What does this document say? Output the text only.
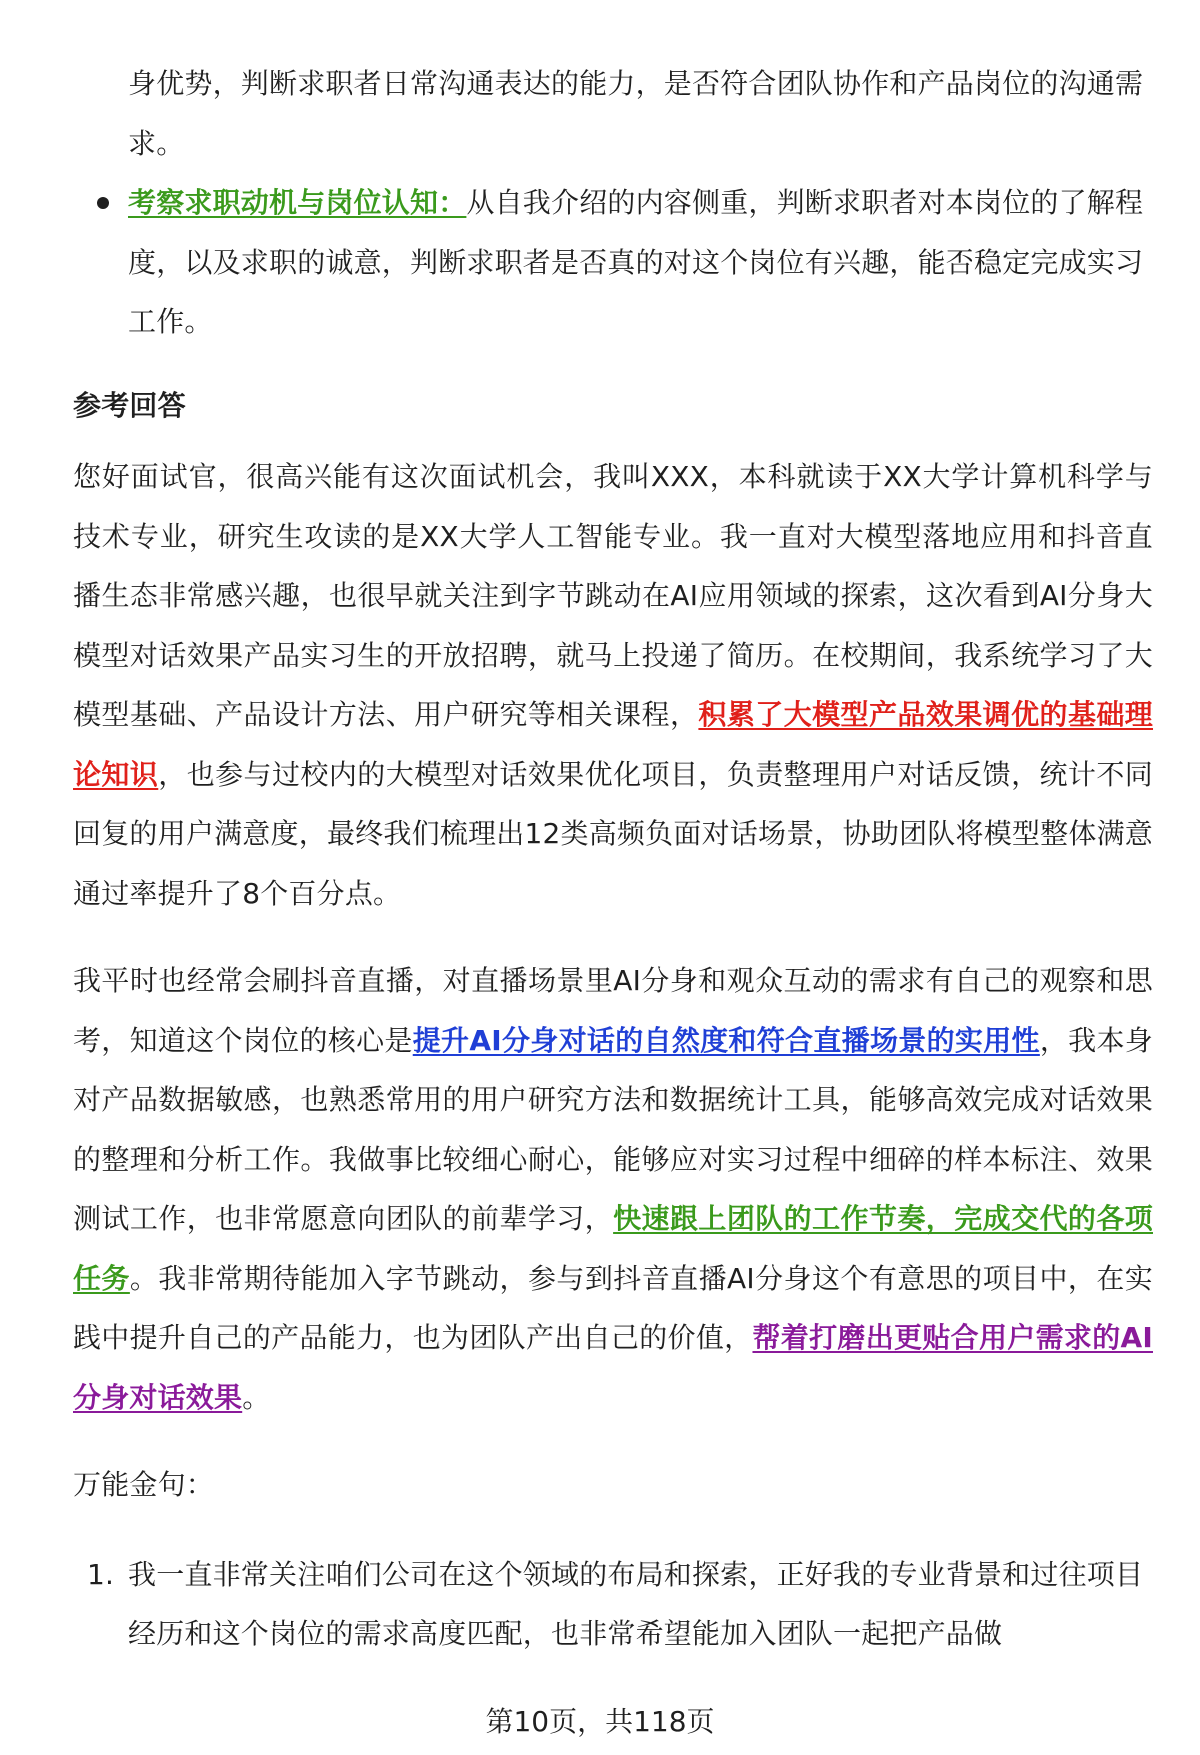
身优势，判断求职者日常沟通表达的能力，是否符合团队协作和产品岗位的沟通需求。
考察求职动机与岗位认知：从自我介绍的内容侧重，判断求职者对本岗位的了解程度，以及求职的诚意，判断求职者是否真的对这个岗位有兴趣，能否稳定完成实习工作。
参考回答

您好面试官，很高兴能有这次面试机会，我叫XXX，本科就读于XX大学计算机科学与技术专业，研究生攻读的是XX大学人工智能专业。我一直对大模型落地应用和抖音直播生态非常感兴趣，也很早就关注到字节跳动在AI应用领域的探索，这次看到AI分身大模型对话效果产品实习生的开放招聘，就马上投递了简历。在校期间，我系统学习了大模型基础、产品设计方法、用户研究等相关课程，积累了大模型产品效果调优的基础理论知识，也参与过校内的大模型对话效果优化项目，负责整理用户对话反馈，统计不同回复的用户满意度，最终我们梳理出12类高频负面对话场景，协助团队将模型整体满意通过率提升了8个百分点。

我平时也经常会刷抖音直播，对直播场景里AI分身和观众互动的需求有自己的观察和思考，知道这个岗位的核心是提升AI分身对话的自然度和符合直播场景的实用性，我本身对产品数据敏感，也熟悉常用的用户研究方法和数据统计工具，能够高效完成对话效果的整理和分析工作。我做事比较细心耐心，能够应对实习过程中细碎的样本标注、效果测试工作，也非常愿意向团队的前辈学习，快速跟上团队的工作节奏，完成交代的各项任务。我非常期待能加入字节跳动，参与到抖音直播AI分身这个有意思的项目中，在实践中提升自己的产品能力，也为团队产出自己的价值，帮着打磨出更贴合用户需求的AI分身对话效果。

万能金句：
1. 我一直非常关注咱们公司在这个领域的布局和探索，正好我的专业背景和过往项目经历和这个岗位的需求高度匹配，也非常希望能加入团队一起把产品做
第10页，共118页
